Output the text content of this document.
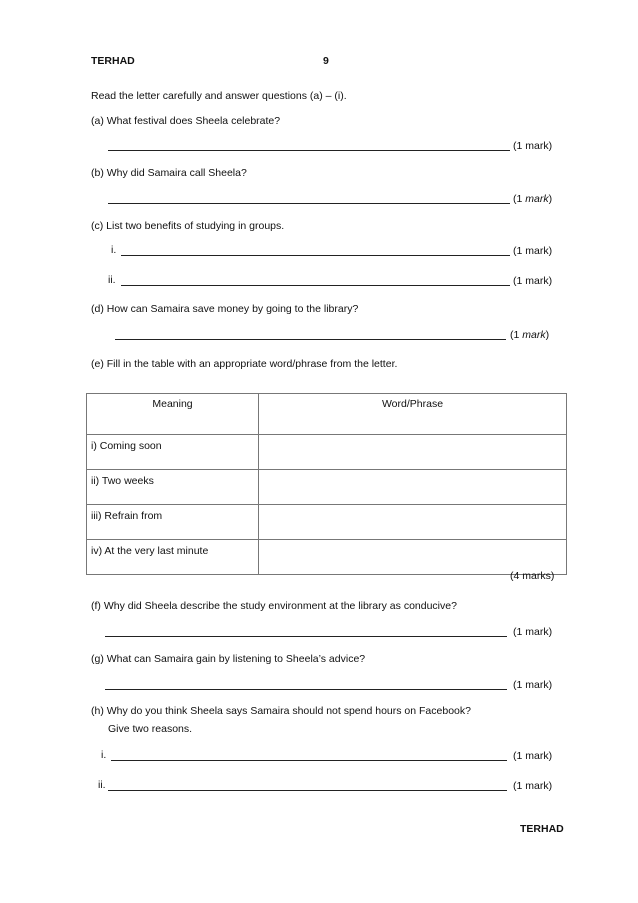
TERHAD	9
Read the letter carefully and answer questions (a) – (i).
(a) What festival does Sheela celebrate?
(1 mark)
(b) Why did Samaira call Sheela?
(1 mark)
(c) List two benefits of studying in groups.
i.	(1 mark)
ii.	(1 mark)
(d) How can Samaira save money by going to the library?
(1 mark)
(e) Fill in the table with an appropriate word/phrase from the letter.
Meaning	Word/Phrase
i) Coming soon	
ii) Two weeks	
iii) Refrain from	
iv) At the very last minute	
(4 marks)
(f) Why did Sheela describe the study environment at the library as conducive?
(1 mark)
(g) What can Samaira gain by listening to Sheela’s advice?
(1 mark)
(h) Why do you think Sheela says Samaira should not spend hours on Facebook?
Give two reasons.
i.	(1 mark)
ii.	(1 mark)
TERHAD
